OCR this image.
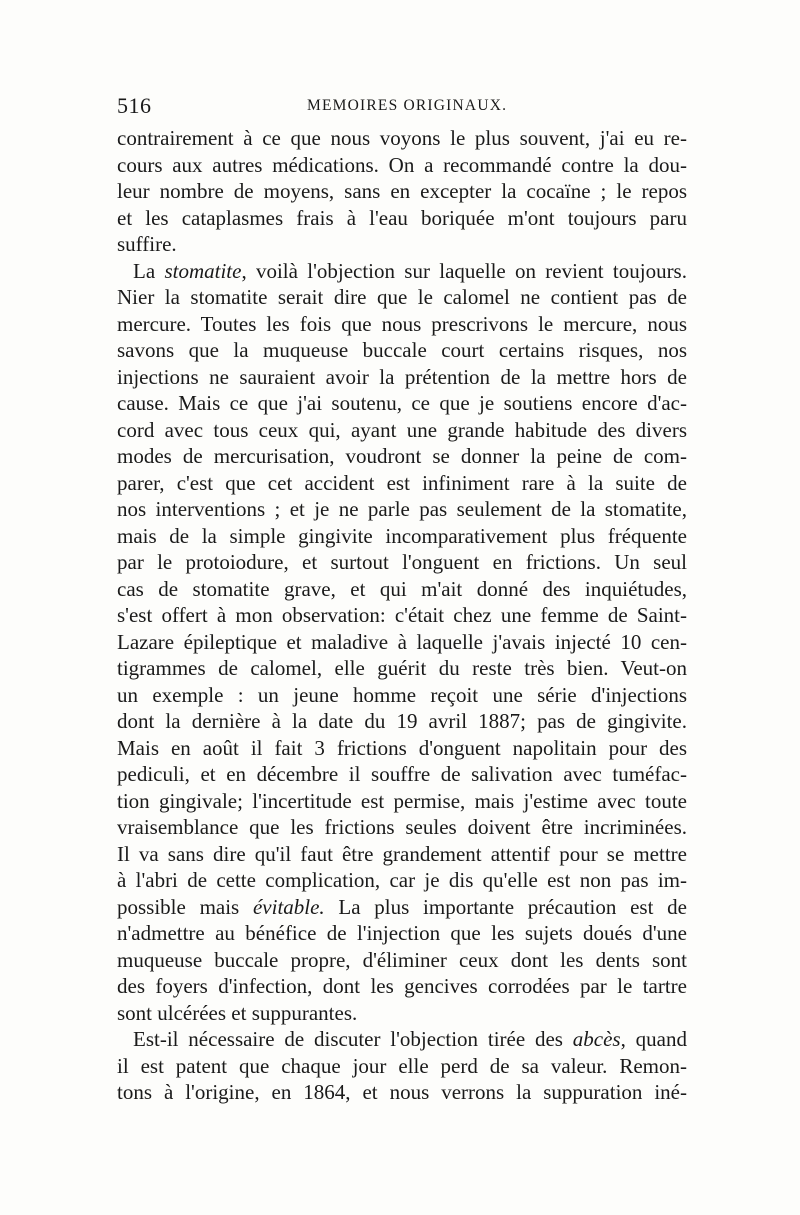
516	MEMOIRES ORIGINAUX.
contrairement à ce que nous voyons le plus souvent, j'ai eu re-
cours aux autres médications. On a recommandé contre la dou-
leur nombre de moyens, sans en excepter la cocaïne ; le repos
et les cataplasmes frais à l'eau boriquée m'ont toujours paru
suffire.
La stomatite, voilà l'objection sur laquelle on revient toujours.
Nier la stomatite serait dire que le calomel ne contient pas de
mercure. Toutes les fois que nous prescrivons le mercure, nous
savons que la muqueuse buccale court certains risques, nos
injections ne sauraient avoir la prétention de la mettre hors de
cause. Mais ce que j'ai soutenu, ce que je soutiens encore d'ac-
cord avec tous ceux qui, ayant une grande habitude des divers
modes de mercurisation, voudront se donner la peine de com-
parer, c'est que cet accident est infiniment rare à la suite de
nos interventions ; et je ne parle pas seulement de la stomatite,
mais de la simple gingivite incomparativement plus fréquente
par le protoiodure, et surtout l'onguent en frictions. Un seul
cas de stomatite grave, et qui m'ait donné des inquiétudes,
s'est offert à mon observation: c'était chez une femme de Saint-
Lazare épileptique et maladive à laquelle j'avais injecté 10 cen-
tigrammes de calomel, elle guérit du reste très bien. Veut-on
un exemple : un jeune homme reçoit une série d'injections
dont la dernière à la date du 19 avril 1887; pas de gingivite.
Mais en août il fait 3 frictions d'onguent napolitain pour des
pediculi, et en décembre il souffre de salivation avec tuméfac-
tion gingivale; l'incertitude est permise, mais j'estime avec toute
vraisemblance que les frictions seules doivent être incriminées.
Il va sans dire qu'il faut être grandement attentif pour se mettre
à l'abri de cette complication, car je dis qu'elle est non pas im-
possible mais évitable. La plus importante précaution est de
n'admettre au bénéfice de l'injection que les sujets doués d'une
muqueuse buccale propre, d'éliminer ceux dont les dents sont
des foyers d'infection, dont les gencives corrodées par le tartre
sont ulcérées et suppurantes.
Est-il nécessaire de discuter l'objection tirée des abcès, quand
il est patent que chaque jour elle perd de sa valeur. Remon-
tons à l'origine, en 1864, et nous verrons la suppuration iné-
